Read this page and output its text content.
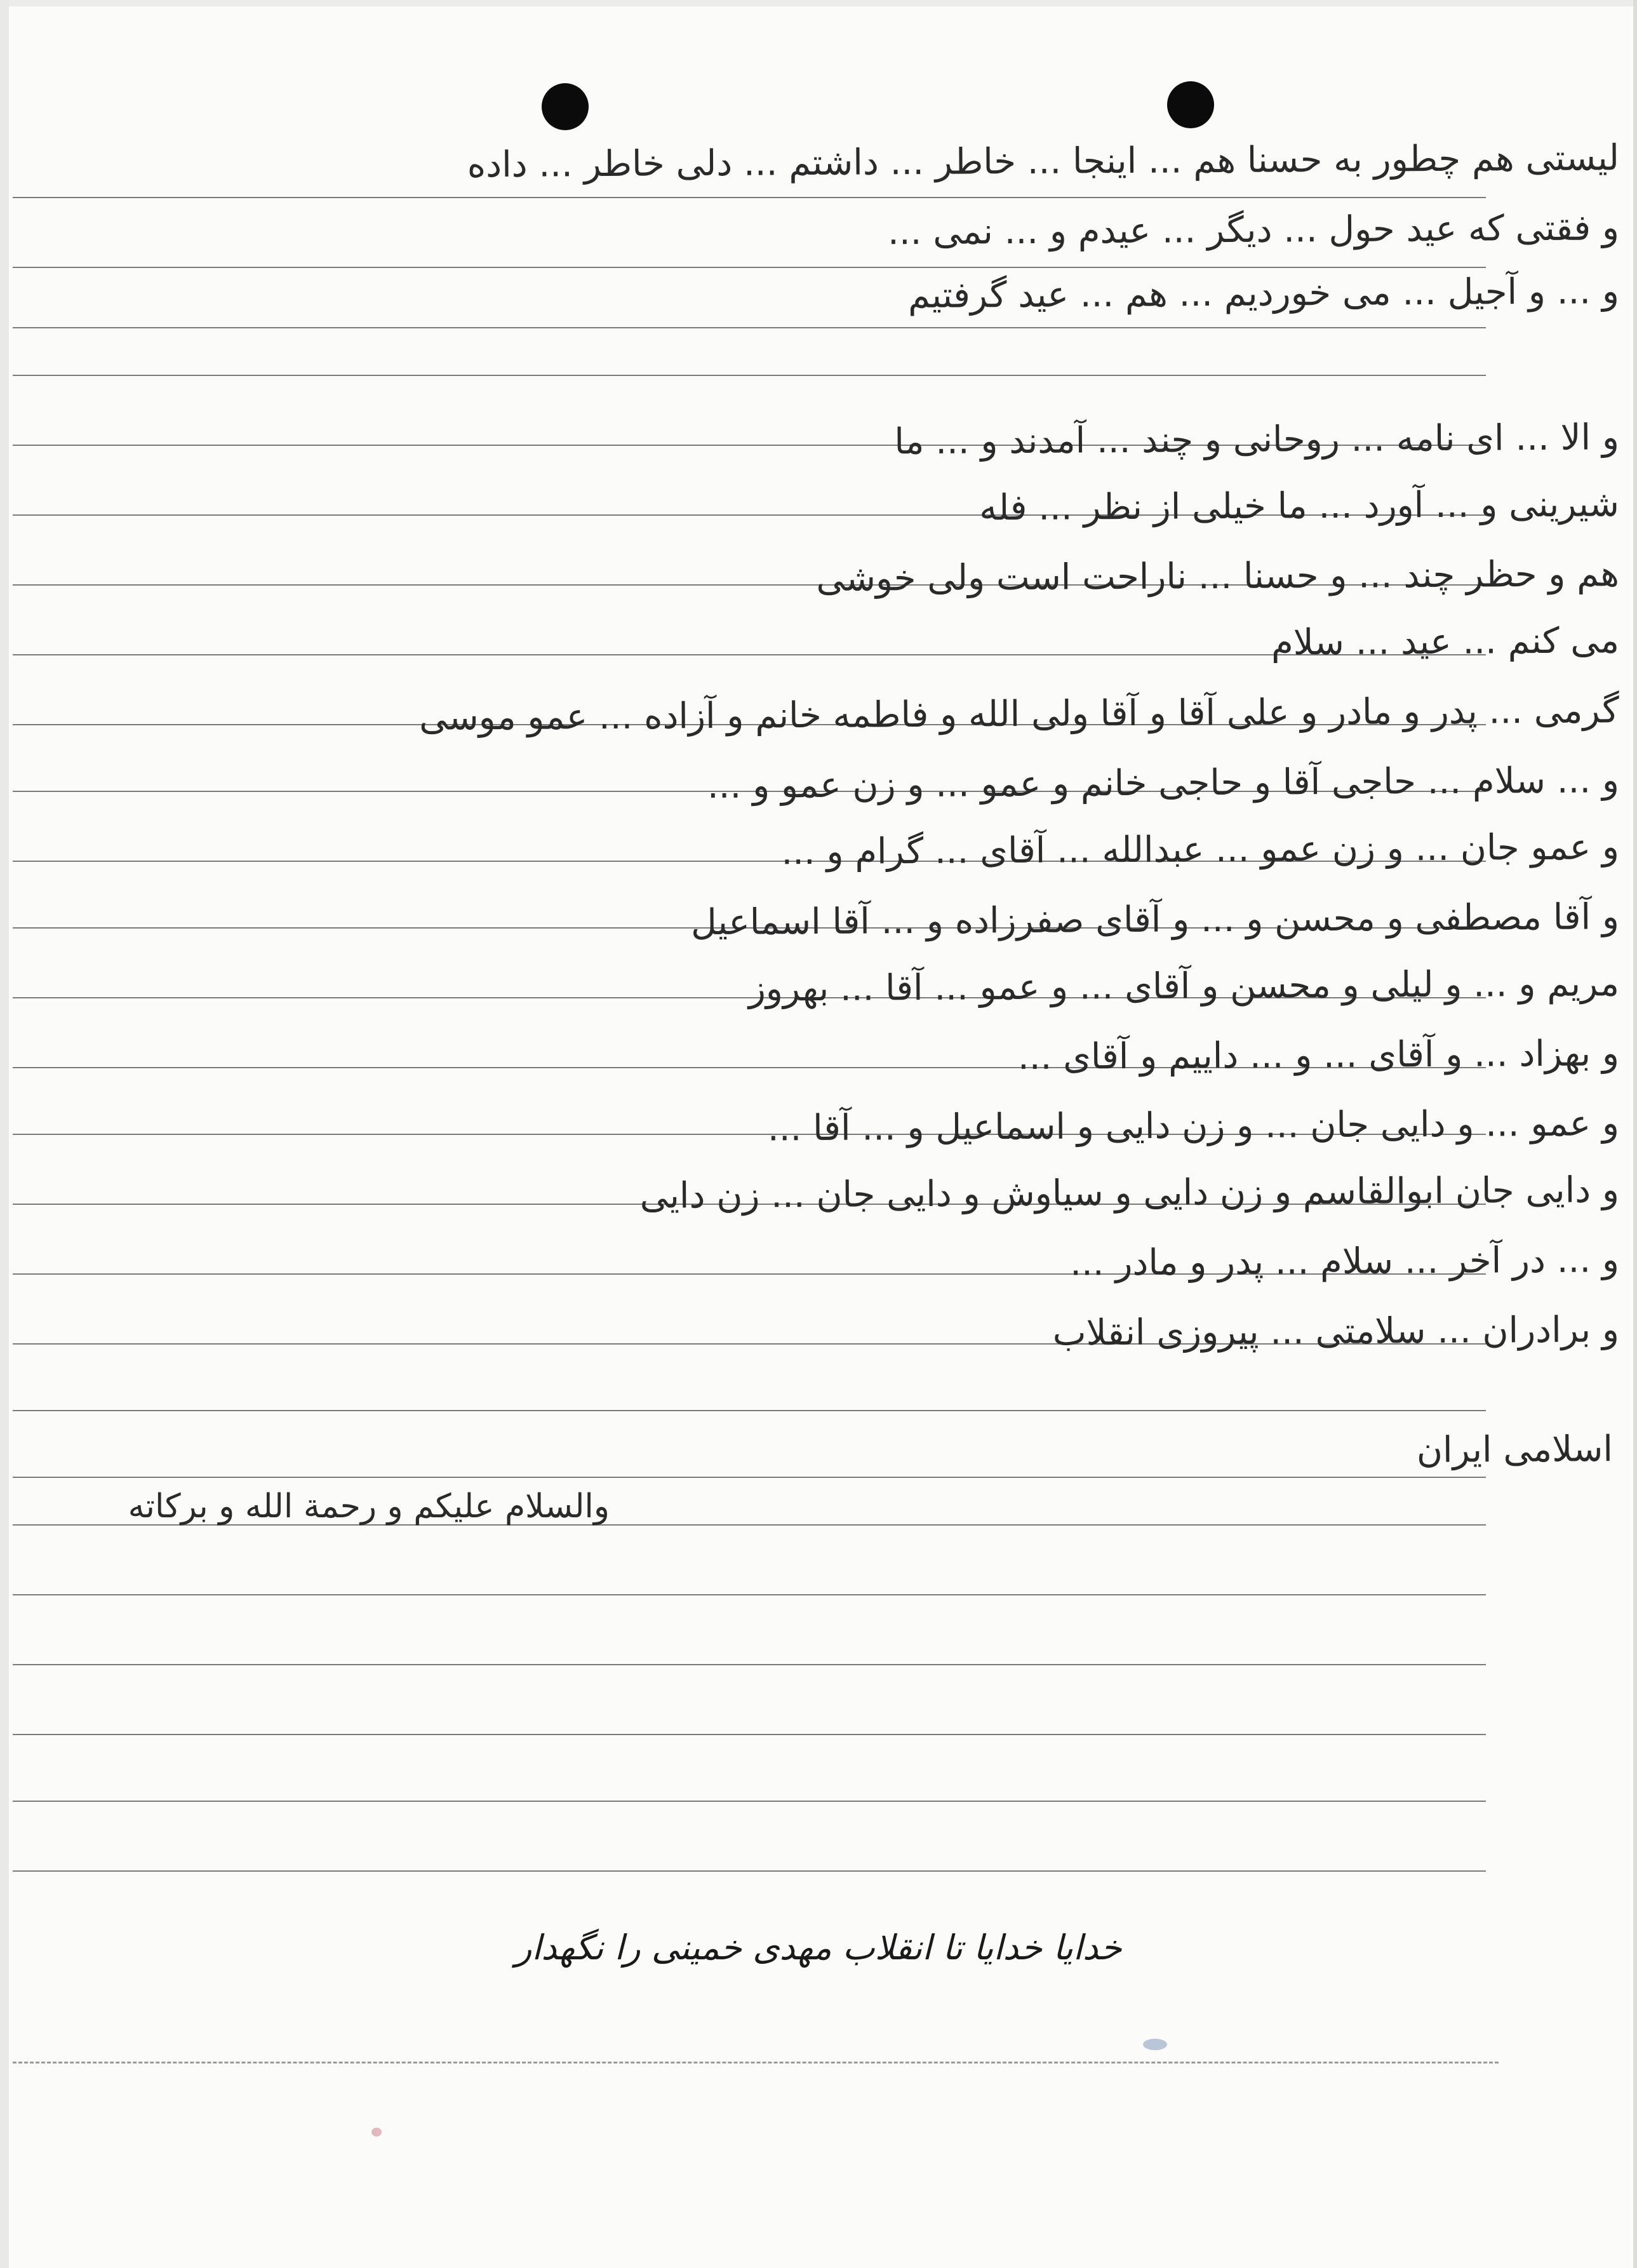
لیستی هم چطور به حسنا هم ... اینجا ... خاطر ... داشتم ... دلی خاطر ... داده
و فقتی که عید حول ... دیگر ... عیدم و ... نمی ...
و ... و آجیل ... می خوردیم ... هم ... عید گرفتیم
و الا ... ای نامه ... روحانی و چند ... آمدند و ... ما
شیرینی و ... آورد ... ما خیلی از نظر ... فله
هم و حظر چند ... و حسنا ... ناراحت است ولی خوشی
می کنم ... عید ... سلام
گرمی ... پدر و مادر و علی آقا و آقا ولی الله و فاطمه خانم و آزاده ... عمو موسی
و ... سلام ... حاجی آقا و حاجی خانم و عمو ... و زن عمو و ...
و عمو جان ... و زن عمو ... عبدالله ... آقای ... گرام و ...
و آقا مصطفی و محسن و ... و آقای صفرزاده و ... آقا اسماعیل
مریم و ... و لیلی و محسن و آقای ... و عمو ... آقا ... بهروز
و بهزاد ... و آقای ... و ... داییم و آقای ...
و عمو ... و دایی جان ... و زن دایی و اسماعیل و ... آقا ...
و دایی جان ابوالقاسم و زن دایی و سیاوش و دایی جان ... زن دایی
و ... در آخر ... سلام ... پدر و مادر ...
و برادران ... سلامتی ... پیروزی انقلاب
اسلامی ایران
والسلام علیکم و رحمة الله و برکاته
خدایا خدایا تا انقلاب مهدی خمینی را نگهدار
